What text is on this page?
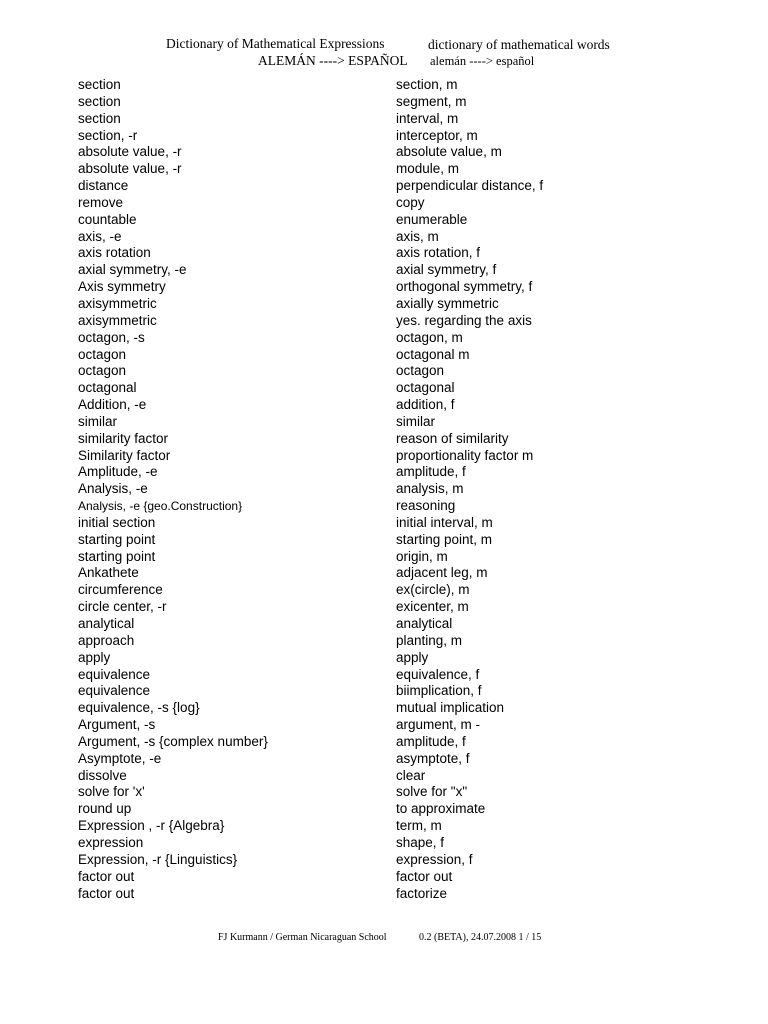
Dictionary of Mathematical Expressions	dictionary of mathematical words
ALEMÁN ----> ESPAÑOL alemán ----> español
section	section, m
section	segment, m
section	interval, m
section, -r	interceptor, m
absolute value, -r	absolute value, m
absolute value, -r	module, m
distance	perpendicular distance, f
remove	copy
countable	enumerable
axis, -e	axis, m
axis rotation	axis rotation, f
axial symmetry, -e	axial symmetry, f
Axis symmetry	orthogonal symmetry, f
axisymmetric	axially symmetric
axisymmetric	yes. regarding the axis
octagon, -s	octagon, m
octagon	octagonal m
octagon	octagon
octagonal	octagonal
Addition, -e	addition, f
similar	similar
similarity factor	reason of similarity
Similarity factor	proportionality factor m
Amplitude, -e	amplitude, f
Analysis, -e	analysis, m
Analysis, -e {geo.Construction}	reasoning
initial section	initial interval, m
starting point	starting point, m
starting point	origin, m
Ankathete	adjacent leg, m
circumference	ex(circle), m
circle center, -r	exicenter, m
analytical	analytical
approach	planting, m
apply	apply
equivalence	equivalence, f
equivalence	biimplication, f
equivalence, -s {log}	mutual implication
Argument, -s	argument, m -
Argument, -s {complex number}	amplitude, f
Asymptote, -e	asymptote, f
dissolve	clear
solve for 'x'	solve for "x"
round up	to approximate
Expression , -r {Algebra}	term, m
expression	shape, f
Expression, -r {Linguistics}	expression, f
factor out	factor out
factor out	factorize
FJ Kurmann / German Nicaraguan School	0.2 (BETA), 24.07.2008 1 / 15
